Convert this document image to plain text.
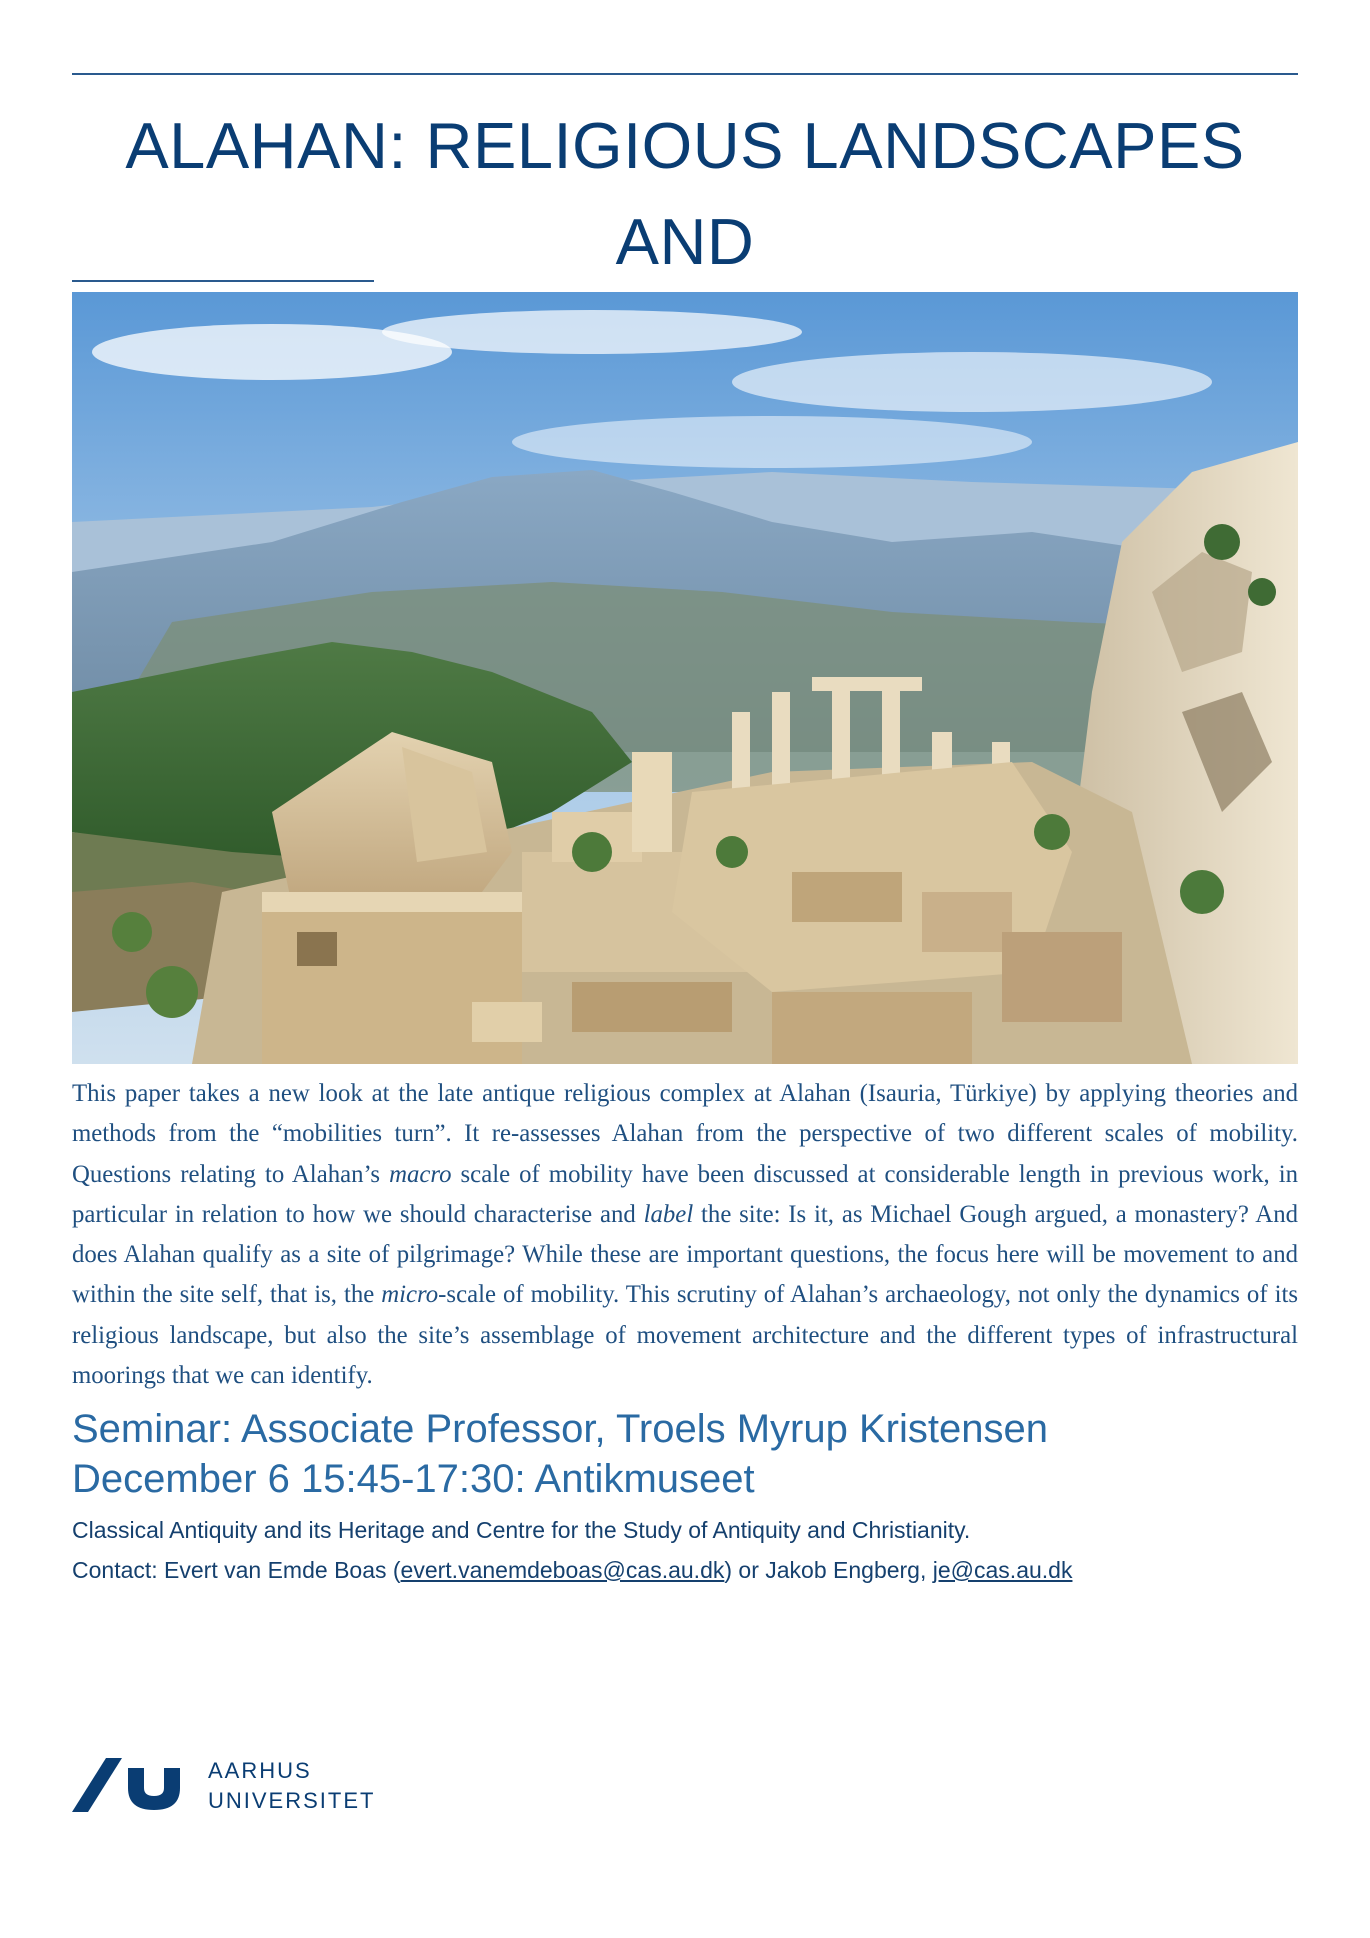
ALAHAN: RELIGIOUS LANDSCAPES AND

This paper takes a new look at the late antique religious complex at Alahan (Isauria, Türkiye) by applying theories and methods from the “mobilities turn”. It re-assesses Alahan from the perspective of two different scales of mobility. Questions relating to Alahan’s macro scale of mobility have been discussed at considerable length in previous work, in particular in relation to how we should characterise and label the site: Is it, as Michael Gough argued, a monastery? And does Alahan qualify as a site of pilgrimage? While these are important questions, the focus here will be movement to and within the site self, that is, the micro-scale of mobility. This scrutiny of Alahan’s archaeology, not only the dynamics of its religious landscape, but also the site’s assemblage of movement architecture and the different types of infrastructural moorings that we can identify.

Seminar: Associate Professor, Troels Myrup Kristensen
December 6 15:45-17:30: Antikmuseet

Classical Antiquity and its Heritage and Centre for the Study of Antiquity and Christianity.
Contact: Evert van Emde Boas (evert.vanemdeboas@cas.au.dk) or Jakob Engberg, je@cas.au.dk

AARHUS
UNIVERSITET
